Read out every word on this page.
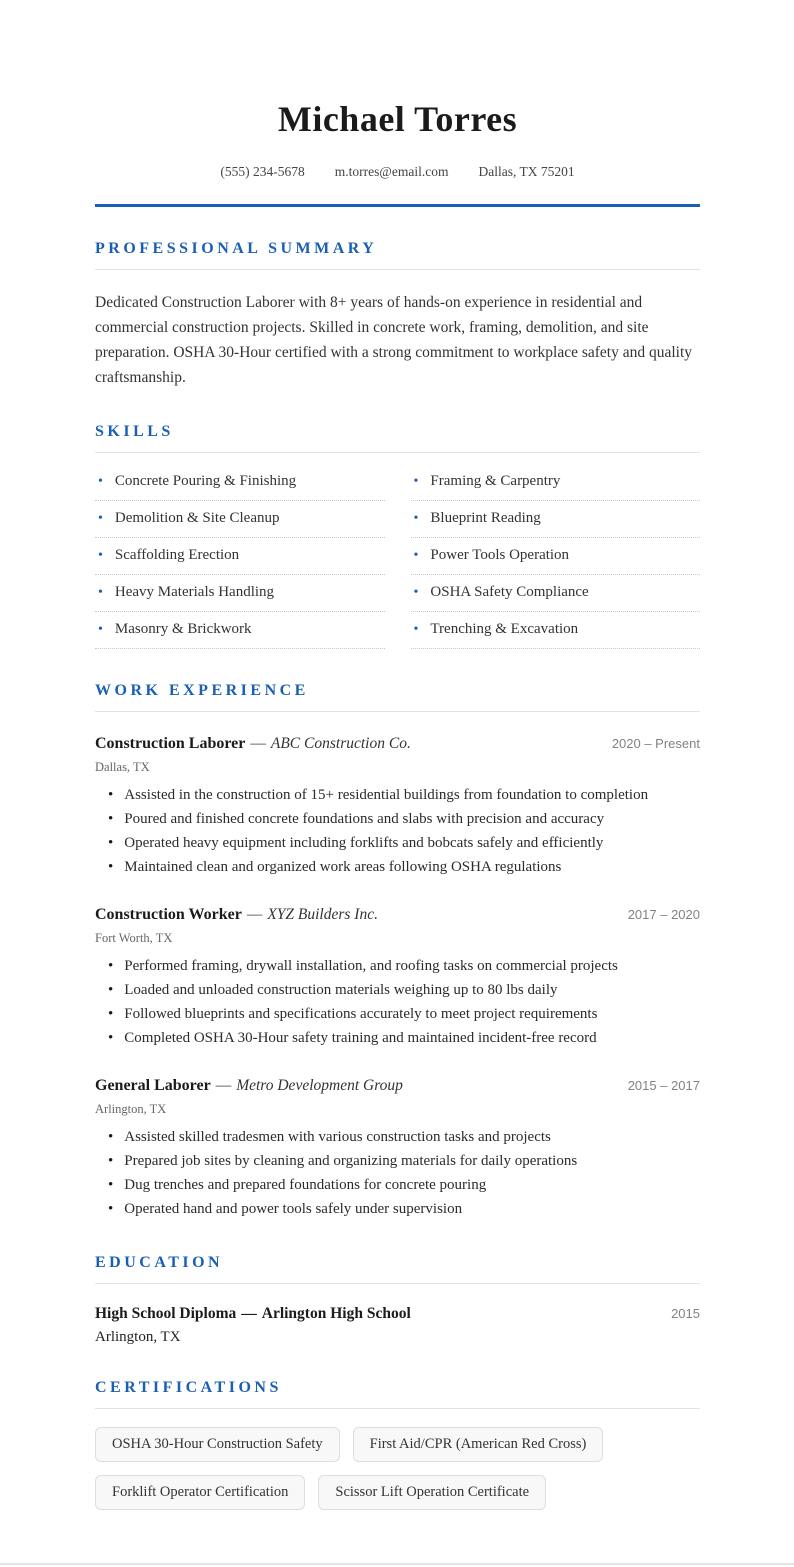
Michael Torres
(555) 234-5678 m.torres@email.com Dallas, TX 75201
PROFESSIONAL SUMMARY

Dedicated Construction Laborer with 8+ years of hands-on experience in residential and commercial construction projects. Skilled in concrete work, framing, demolition, and site preparation. OSHA 30-Hour certified with a strong commitment to workplace safety and quality craftsmanship.

SKILLS
• Concrete Pouring & Finishing
• Demolition & Site Cleanup
• Scaffolding Erection
• Heavy Materials Handling
• Masonry & Brickwork
• Framing & Carpentry
• Blueprint Reading
• Power Tools Operation
• OSHA Safety Compliance
• Trenching & Excavation
WORK EXPERIENCE
Construction Laborer — ABC Construction Co.	2020 – Present
Dallas, TX
• Assisted in the construction of 15+ residential buildings from foundation to completion
• Poured and finished concrete foundations and slabs with precision and accuracy
• Operated heavy equipment including forklifts and bobcats safely and efficiently
• Maintained clean and organized work areas following OSHA regulations
Construction Worker — XYZ Builders Inc.	2017 – 2020
Fort Worth, TX
• Performed framing, drywall installation, and roofing tasks on commercial projects
• Loaded and unloaded construction materials weighing up to 80 lbs daily
• Followed blueprints and specifications accurately to meet project requirements
• Completed OSHA 30-Hour safety training and maintained incident-free record
General Laborer — Metro Development Group	2015 – 2017
Arlington, TX
• Assisted skilled tradesmen with various construction tasks and projects
• Prepared job sites by cleaning and organizing materials for daily operations
• Dug trenches and prepared foundations for concrete pouring
• Operated hand and power tools safely under supervision
EDUCATION
High School Diploma — Arlington High School	2015
Arlington, TX
CERTIFICATIONS
OSHA 30-Hour Construction Safety	First Aid/CPR (American Red Cross)
Forklift Operator Certification	Scissor Lift Operation Certificate
